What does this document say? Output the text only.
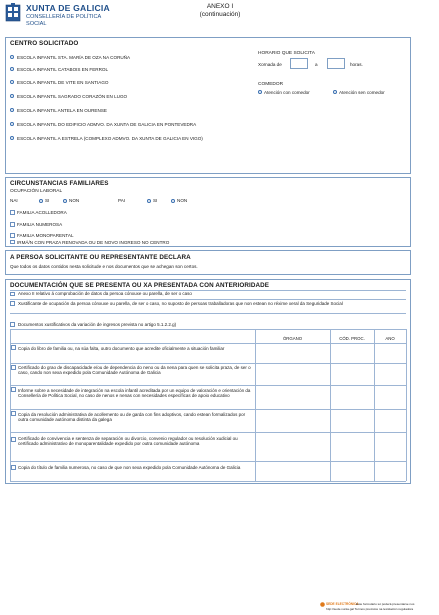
XUNTA DE GALICIA
CONSELLERÍA DE POLÍTICA
SOCIAL
ANEXO I
(continuación)
CENTRO SOLICITADO
ESCOLA INFANTIL STA. MARÍA DE OZA NA CORUÑA
ESCOLA INFANTIL CATABOIS EN FERROL
ESCOLA INFANTIL DE VITE EN SANTIAGO
ESCOLA INFANTIL SAGRADO CORAZÓN EN LUGO
ESCOLA INFANTIL ANTELA EN OURENSE
ESCOLA INFANTIL DO EDIFICIO ADMVO. DA XUNTA DE GALICIA EN PONTEVEDRA
ESCOLA INFANTIL A ESTRELA (COMPLEXO ADMVO. DA XUNTA DE GALICIA EN VIGO)
HORARIO QUE SOLICITA
Xornada de	a	horas.
COMEDOR
Atención con comedor	Atención sen comedor
CIRCUNSTANCIAS FAMILIARES
OCUPACIÓN LABORAL
NAI	SI	NON	PAI	SI	NON
FAMILIA ACOLLEDORA
FAMILIA NUMEROSA
FAMILIA MONOPARENTAL
IRMÁ/N CON PRAZA RENOVADA OU DE NOVO INGRESO NO CENTRO
A PERSOA SOLICITANTE OU REPRESENTANTE DECLARA
Que todos os datos contidos nesta solicitude e nos documentos que se achegan son certos.
DOCUMENTACIÓN QUE SE PRESENTA OU XA PRESENTADA CON ANTERIORIDADE
Anexo II relativo á comprobación de datos da persoa cónxuxe ou parella, de ser o caso
Xustificante de ocupación da persoa cónxuxe ou parella, de ser o caso, no suposto de persoas traballadoras que non estean no réxime xeral da Seguridade Social
Documentos xustificativos da variación de ingresos prevista no artigo 5.1.2.2.g)
ÓRGANO	CÓD. PROC.	ANO
Copia do libro de familia ou, na súa falta, outro documento que acredite oficialmente a situación familiar
Certificado do grao de discapacidade e/ou de dependencia do neno ou da nena para quen se solicita praza, de ser o caso, cando non sexa expedido pola Comunidade Autónoma de Galicia
Informe sobre a necesidade de integración na escola infantil acreditada por un equipo de valoración e orientación da Consellería de Política Social, no caso de nenos e nenas con necesidades específicas de apoio educativo
Copia da resolución administrativa de acollemento ou de garda con fins adoptivos, cando estean formalizados por outra comunidade autónoma distinta da galega
Certificado de convivencia e sentenza de separación ou divorcio, convenio regulador ou resolución xudicial ou certificado administrativo de monoparentalidade expedido por outra comunidade autónoma
Copia do título de familia numerosa, no caso de que non sexa expedido pola Comunidade Autónoma de Galicia
SEDE ELECTRÓNICA
Este formulario só poderá presentarse nos
http://sede.xunta.gal Termos previstos na lexislación reguladora
